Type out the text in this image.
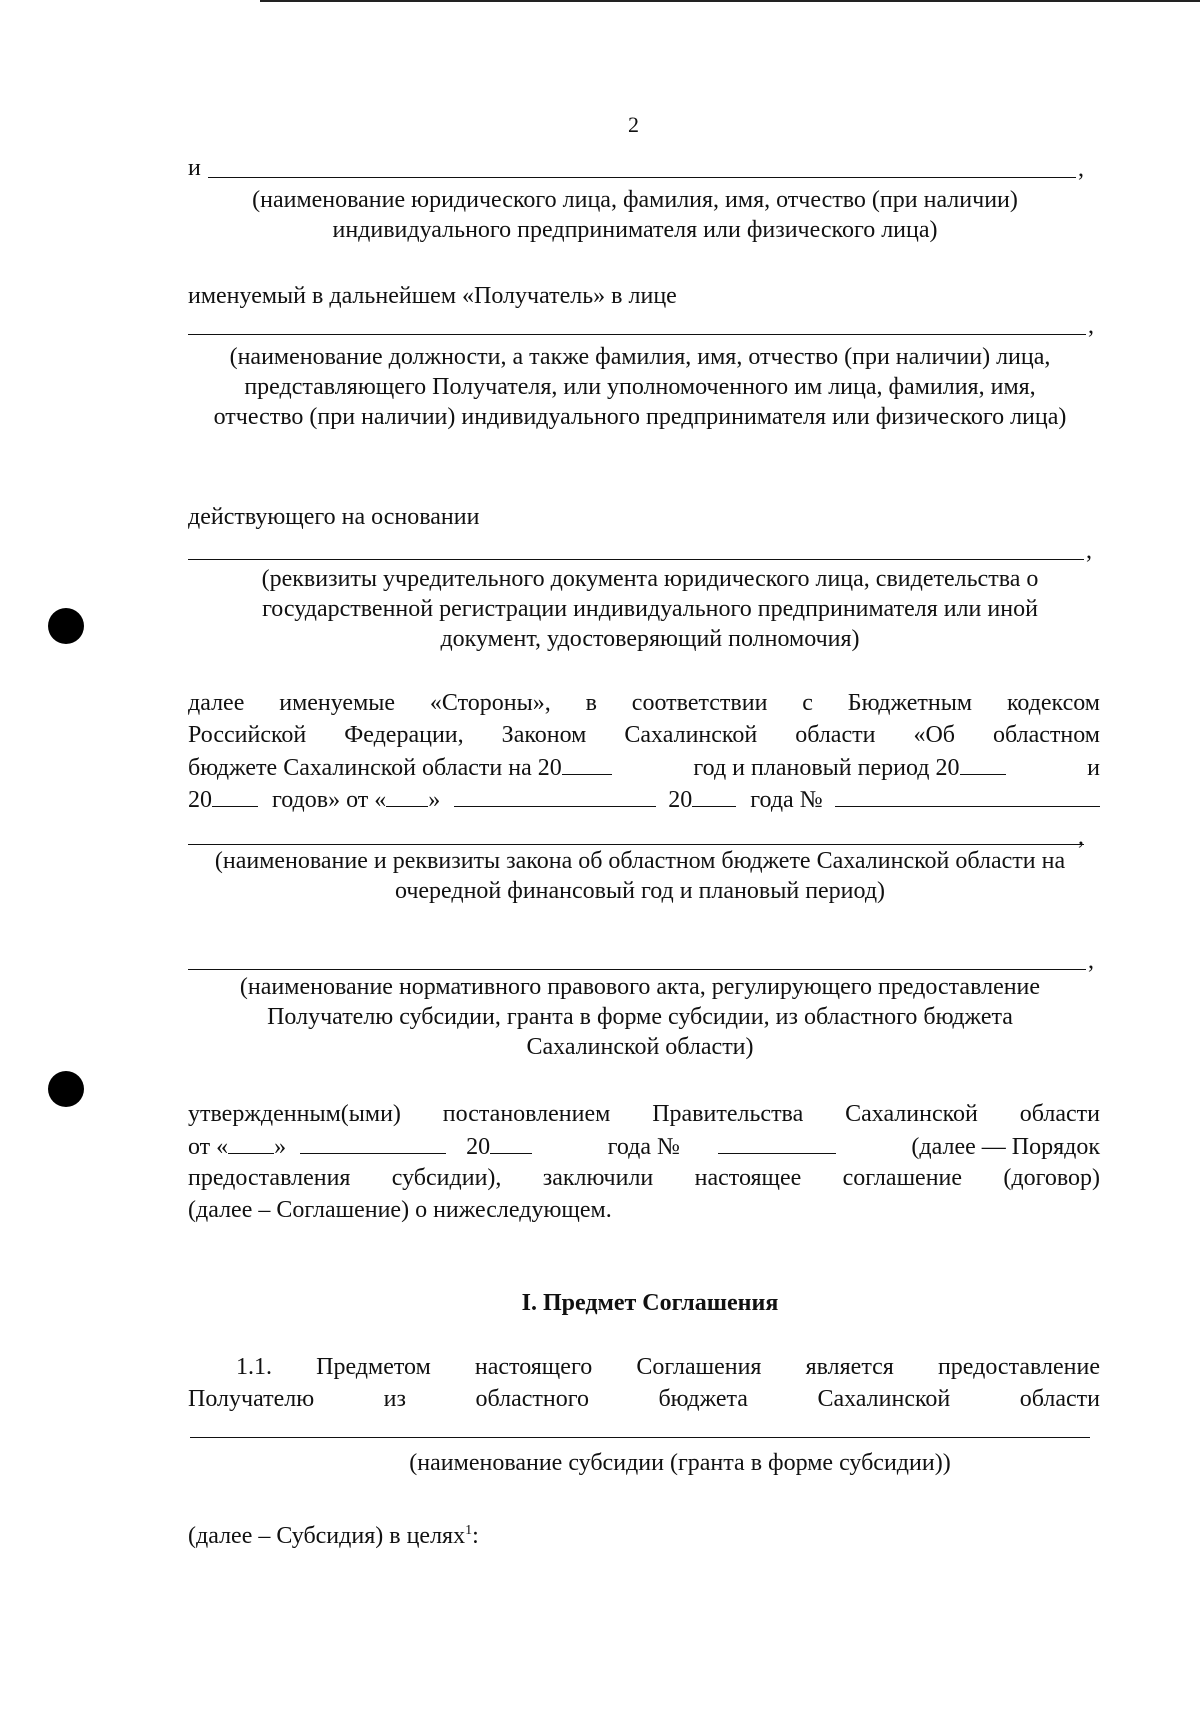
2
и	,
(наименование юридического лица, фамилия, имя, отчество (при наличии) индивидуального предпринимателя или физического лица)
именуемый в дальнейшем «Получатель» в лице
,
(наименование должности, а также фамилия, имя, отчество (при наличии) лица, представляющего Получателя, или уполномоченного им лица, фамилия, имя, отчество (при наличии) индивидуального предпринимателя или физического лица)
действующего на основании
,
(реквизиты учредительного документа юридического лица, свидетельства о государственной регистрации индивидуального предпринимателя или иной документ, удостоверяющий полномочия)
далее именуемые «Стороны», в соответствии с Бюджетным кодексом
Российской Федерации, Законом Сахалинской области «Об областном
бюджете Сахалинской области на 20	год и плановый период 20	и
20	годов» от « »	20 года №
,
(наименование и реквизиты закона об областном бюджете Сахалинской области на очередной финансовый год и плановый период)
,
(наименование нормативного правового акта, регулирующего предоставление Получателю субсидии, гранта в форме субсидии, из областного бюджета Сахалинской области)
утвержденным(ыми) постановлением Правительства Сахалинской области
от « »	20	года №	(далее — Порядок
предоставления субсидии), заключили настоящее соглашение (договор)
(далее – Соглашение) о нижеследующем.
I. Предмет Соглашения
1.1. Предметом настоящего Соглашения является предоставление
Получателю из областного бюджета Сахалинской области
(наименование субсидии (гранта в форме субсидии))
(далее – Субсидия) в целях$^1$:
